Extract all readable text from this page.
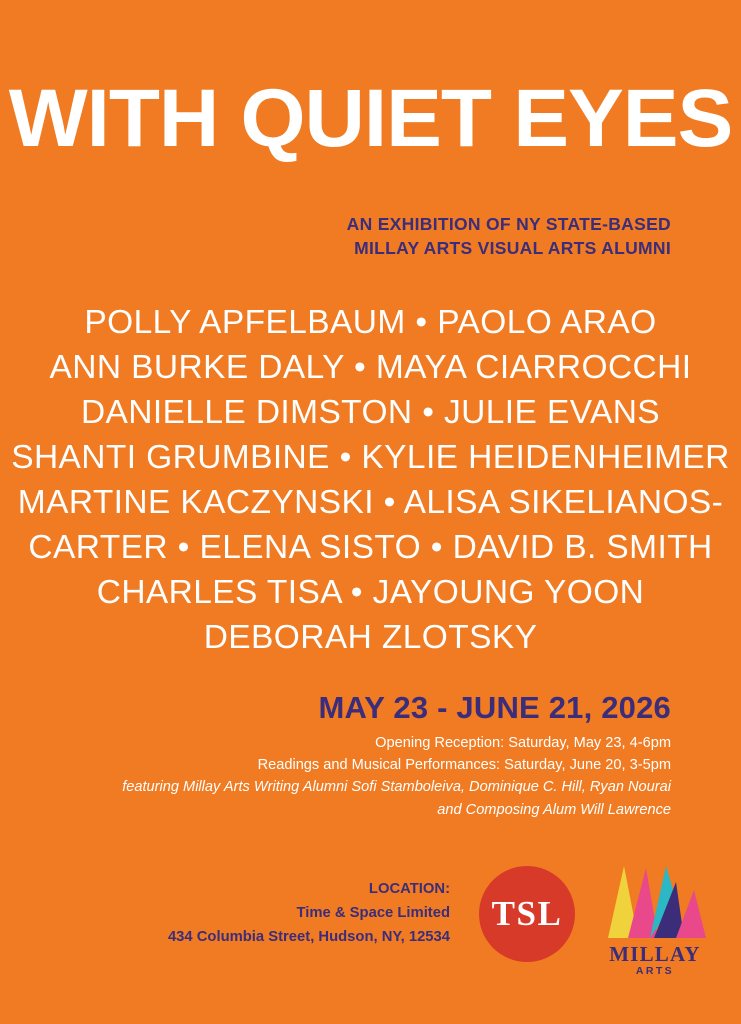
WITH QUIET EYES
AN EXHIBITION OF NY STATE-BASED
MILLAY ARTS VISUAL ARTS ALUMNI
POLLY APFELBAUM • PAOLO ARAO
ANN BURKE DALY • MAYA CIARROCCHI
DANIELLE DIMSTON • JULIE EVANS
SHANTI GRUMBINE • KYLIE HEIDENHEIMER
MARTINE KACZYNSKI • ALISA SIKELIANOS-
CARTER • ELENA SISTO • DAVID B. SMITH
CHARLES TISA • JAYOUNG YOON
DEBORAH ZLOTSKY
MAY 23 - JUNE 21, 2026
Opening Reception: Saturday, May 23, 4-6pm
Readings and Musical Performances: Saturday, June 20, 3-5pm
featuring Millay Arts Writing Alumni Sofi Stamboleiva, Dominique C. Hill, Ryan Nourai
and Composing Alum Will Lawrence
LOCATION:
Time & Space Limited
434 Columbia Street, Hudson, NY, 12534
TSL
MILLAY
ARTS
